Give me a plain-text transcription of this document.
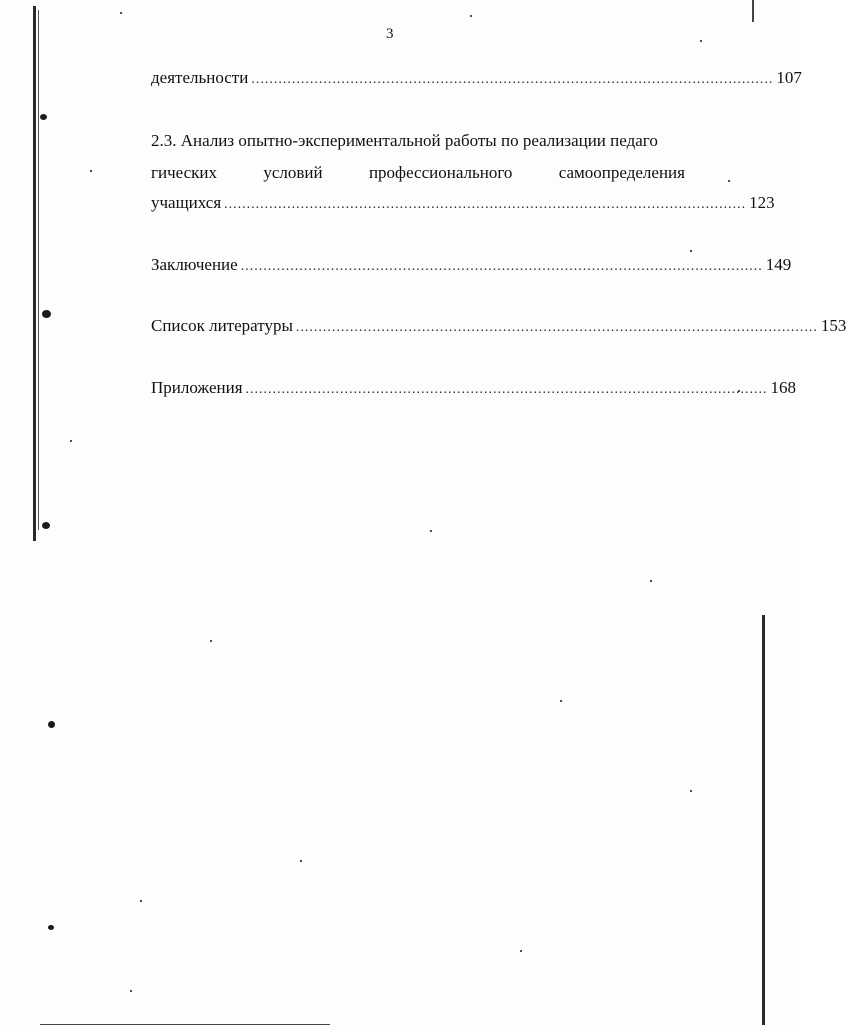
3
деятельности .................................................................................................................... 107
2.3. Анализ опытно-экспериментальной работы по реализации педаго
гических	условий	профессионального	самоопределения
учащихся .................................................................................................................... 123
Заключение .................................................................................................................... 149
Список литературы .................................................................................................................... 153
Приложения .................................................................................................................... 168
